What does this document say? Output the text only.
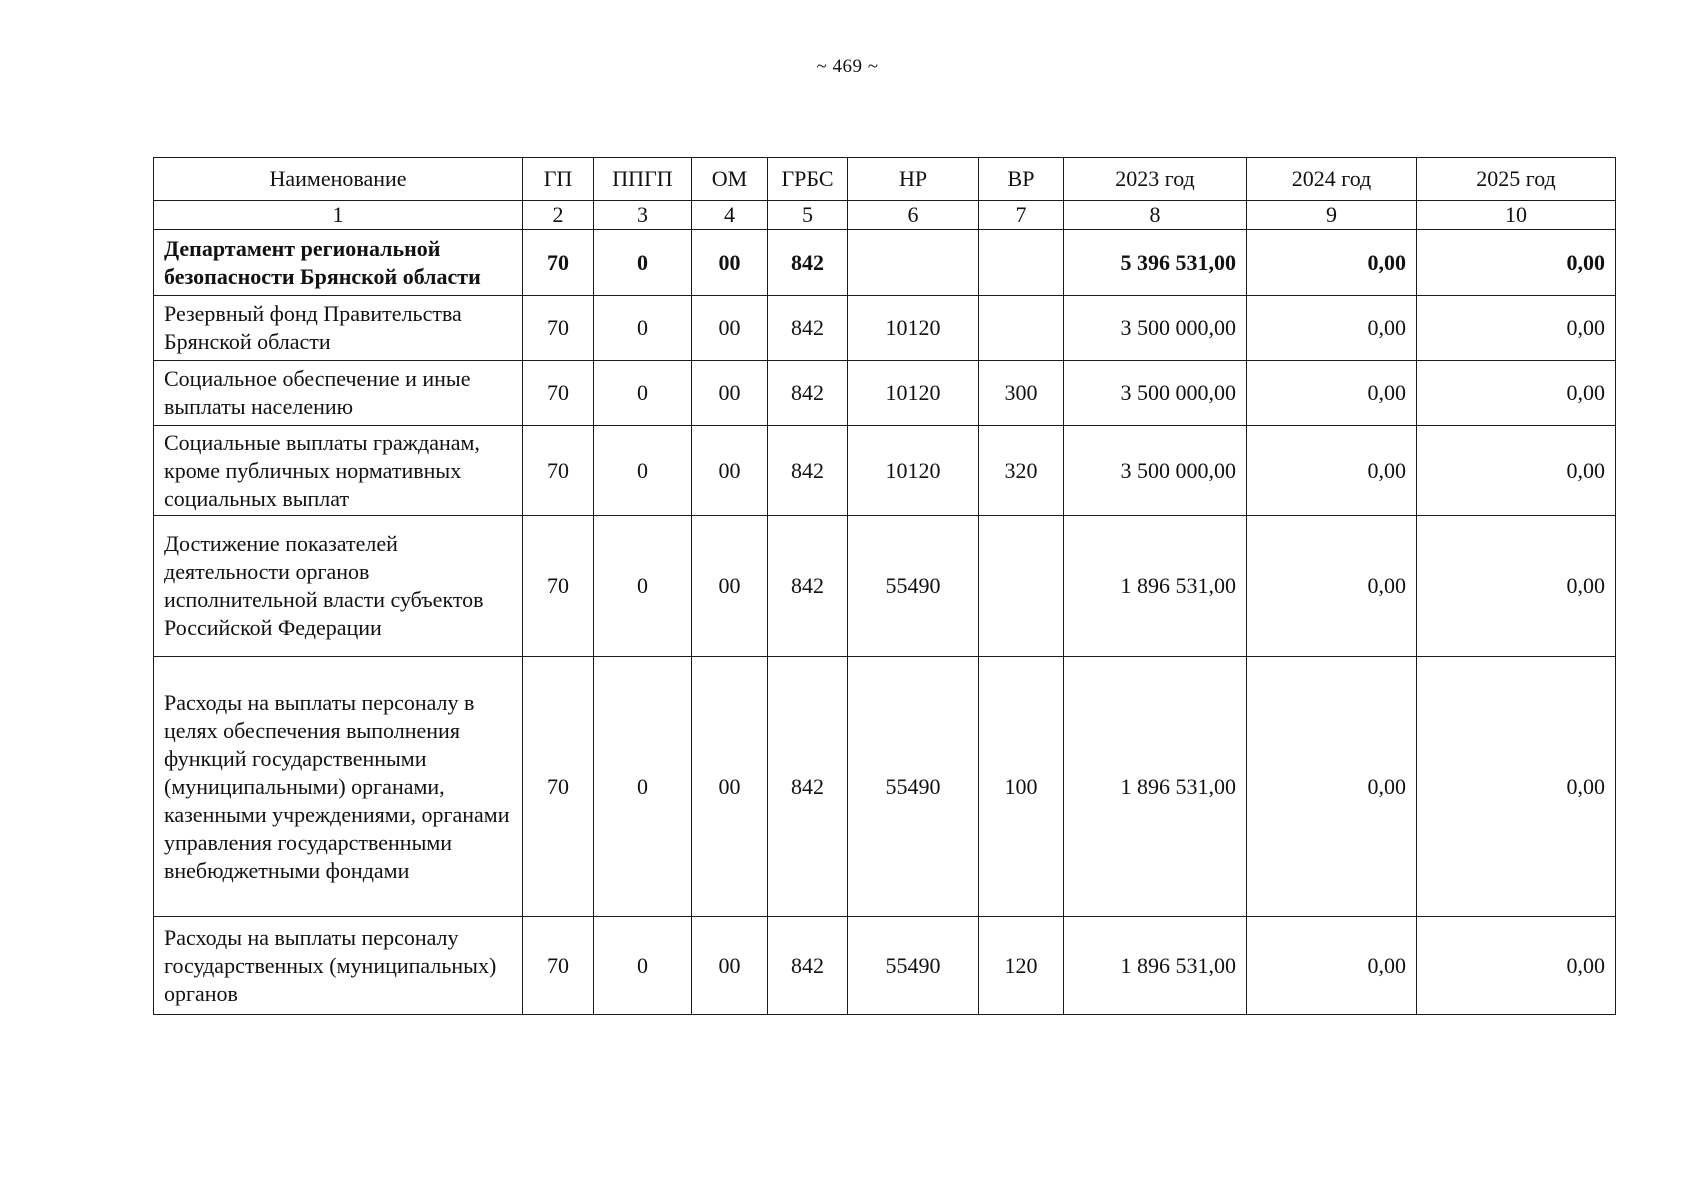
~ 469 ~
Наименование	ГП	ППГП	ОМ	ГРБС	НР	ВР	2023 год	2024 год	2025 год
1	2	3	4	5	6	7	8	9	10
Департамент региональной безопасности Брянской области	70	0	00	842			5 396 531,00	0,00	0,00
Резервный фонд Правительства Брянской области	70	0	00	842	10120		3 500 000,00	0,00	0,00
Социальное обеспечение и иные выплаты населению	70	0	00	842	10120	300	3 500 000,00	0,00	0,00
Социальные выплаты гражданам, кроме публичных нормативных социальных выплат	70	0	00	842	10120	320	3 500 000,00	0,00	0,00
Достижение показателей деятельности органов исполнительной власти субъектов Российской Федерации	70	0	00	842	55490		1 896 531,00	0,00	0,00
Расходы на выплаты персоналу в целях обеспечения выполнения функций государственными (муниципальными) органами, казенными учреждениями, органами управления государственными внебюджетными фондами	70	0	00	842	55490	100	1 896 531,00	0,00	0,00
Расходы на выплаты персоналу государственных (муниципальных) органов	70	0	00	842	55490	120	1 896 531,00	0,00	0,00
